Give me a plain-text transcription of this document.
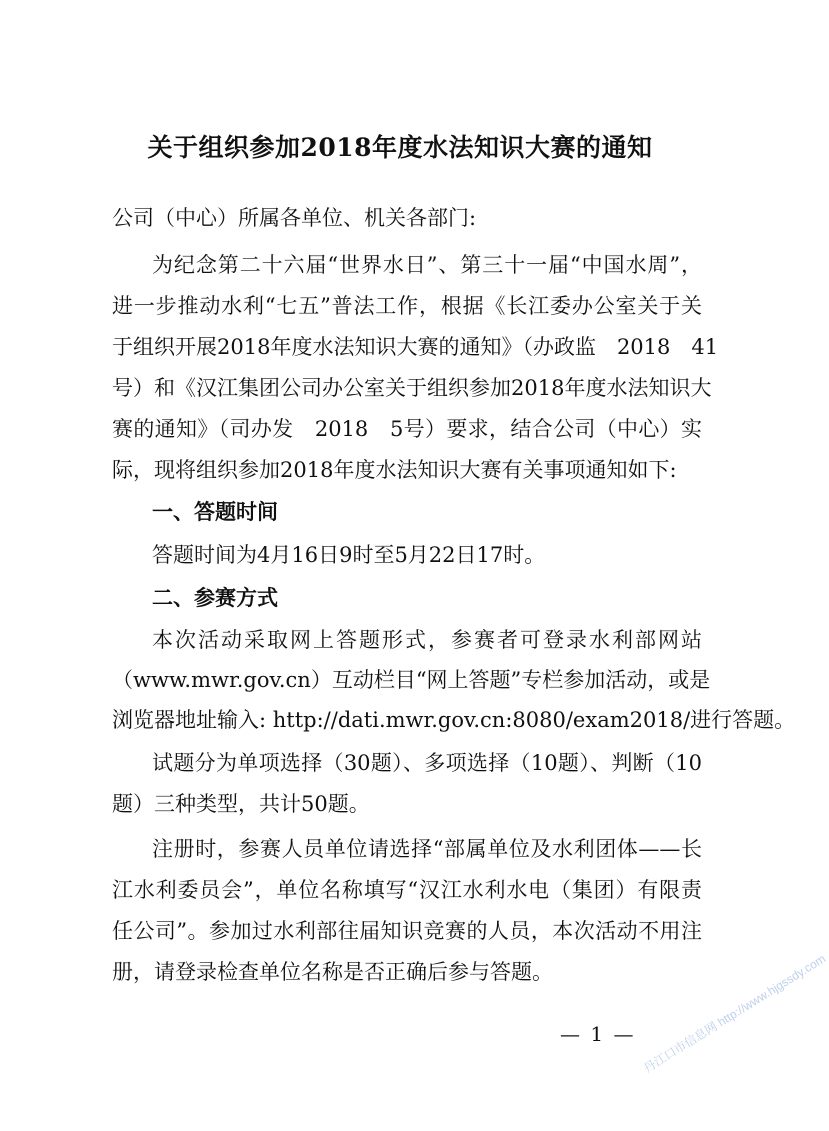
关于组织参加2018年度水法知识大赛的通知
公司（中心）所属各单位、机关各部门:
为纪念第二十六届“世界水日”、第三十一届“中国水周”，
进一步推动水利“七五”普法工作，根据《长江委办公室关于关
于组织开展2018年度水法知识大赛的通知》（办政监　2018　41
号）和《汉江集团公司办公室关于组织参加2018年度水法知识大
赛的通知》（司办发　2018　5号）要求，结合公司（中心）实
际，现将组织参加2018年度水法知识大赛有关事项通知如下:
一、答题时间
答题时间为4月16日9时至5月22日17时。
二、参赛方式
本次活动采取网上答题形式，参赛者可登录水利部网站
（www.mwr.gov.cn）互动栏目“网上答题”专栏参加活动，或是
浏览器地址输入: http://dati.mwr.gov.cn:8080/exam2018/进行答题。
试题分为单项选择（30题）、多项选择（10题）、判断（10
题）三种类型，共计50题。
注册时，参赛人员单位请选择“部属单位及水利团体——长
江水利委员会”，单位名称填写“汉江水利水电（集团）有限责
任公司”。参加过水利部往届知识竞赛的人员，本次活动不用注
册，请登录检查单位名称是否正确后参与答题。
— 1 — 丹江口市信息网 http://www.hjgssdy.com
